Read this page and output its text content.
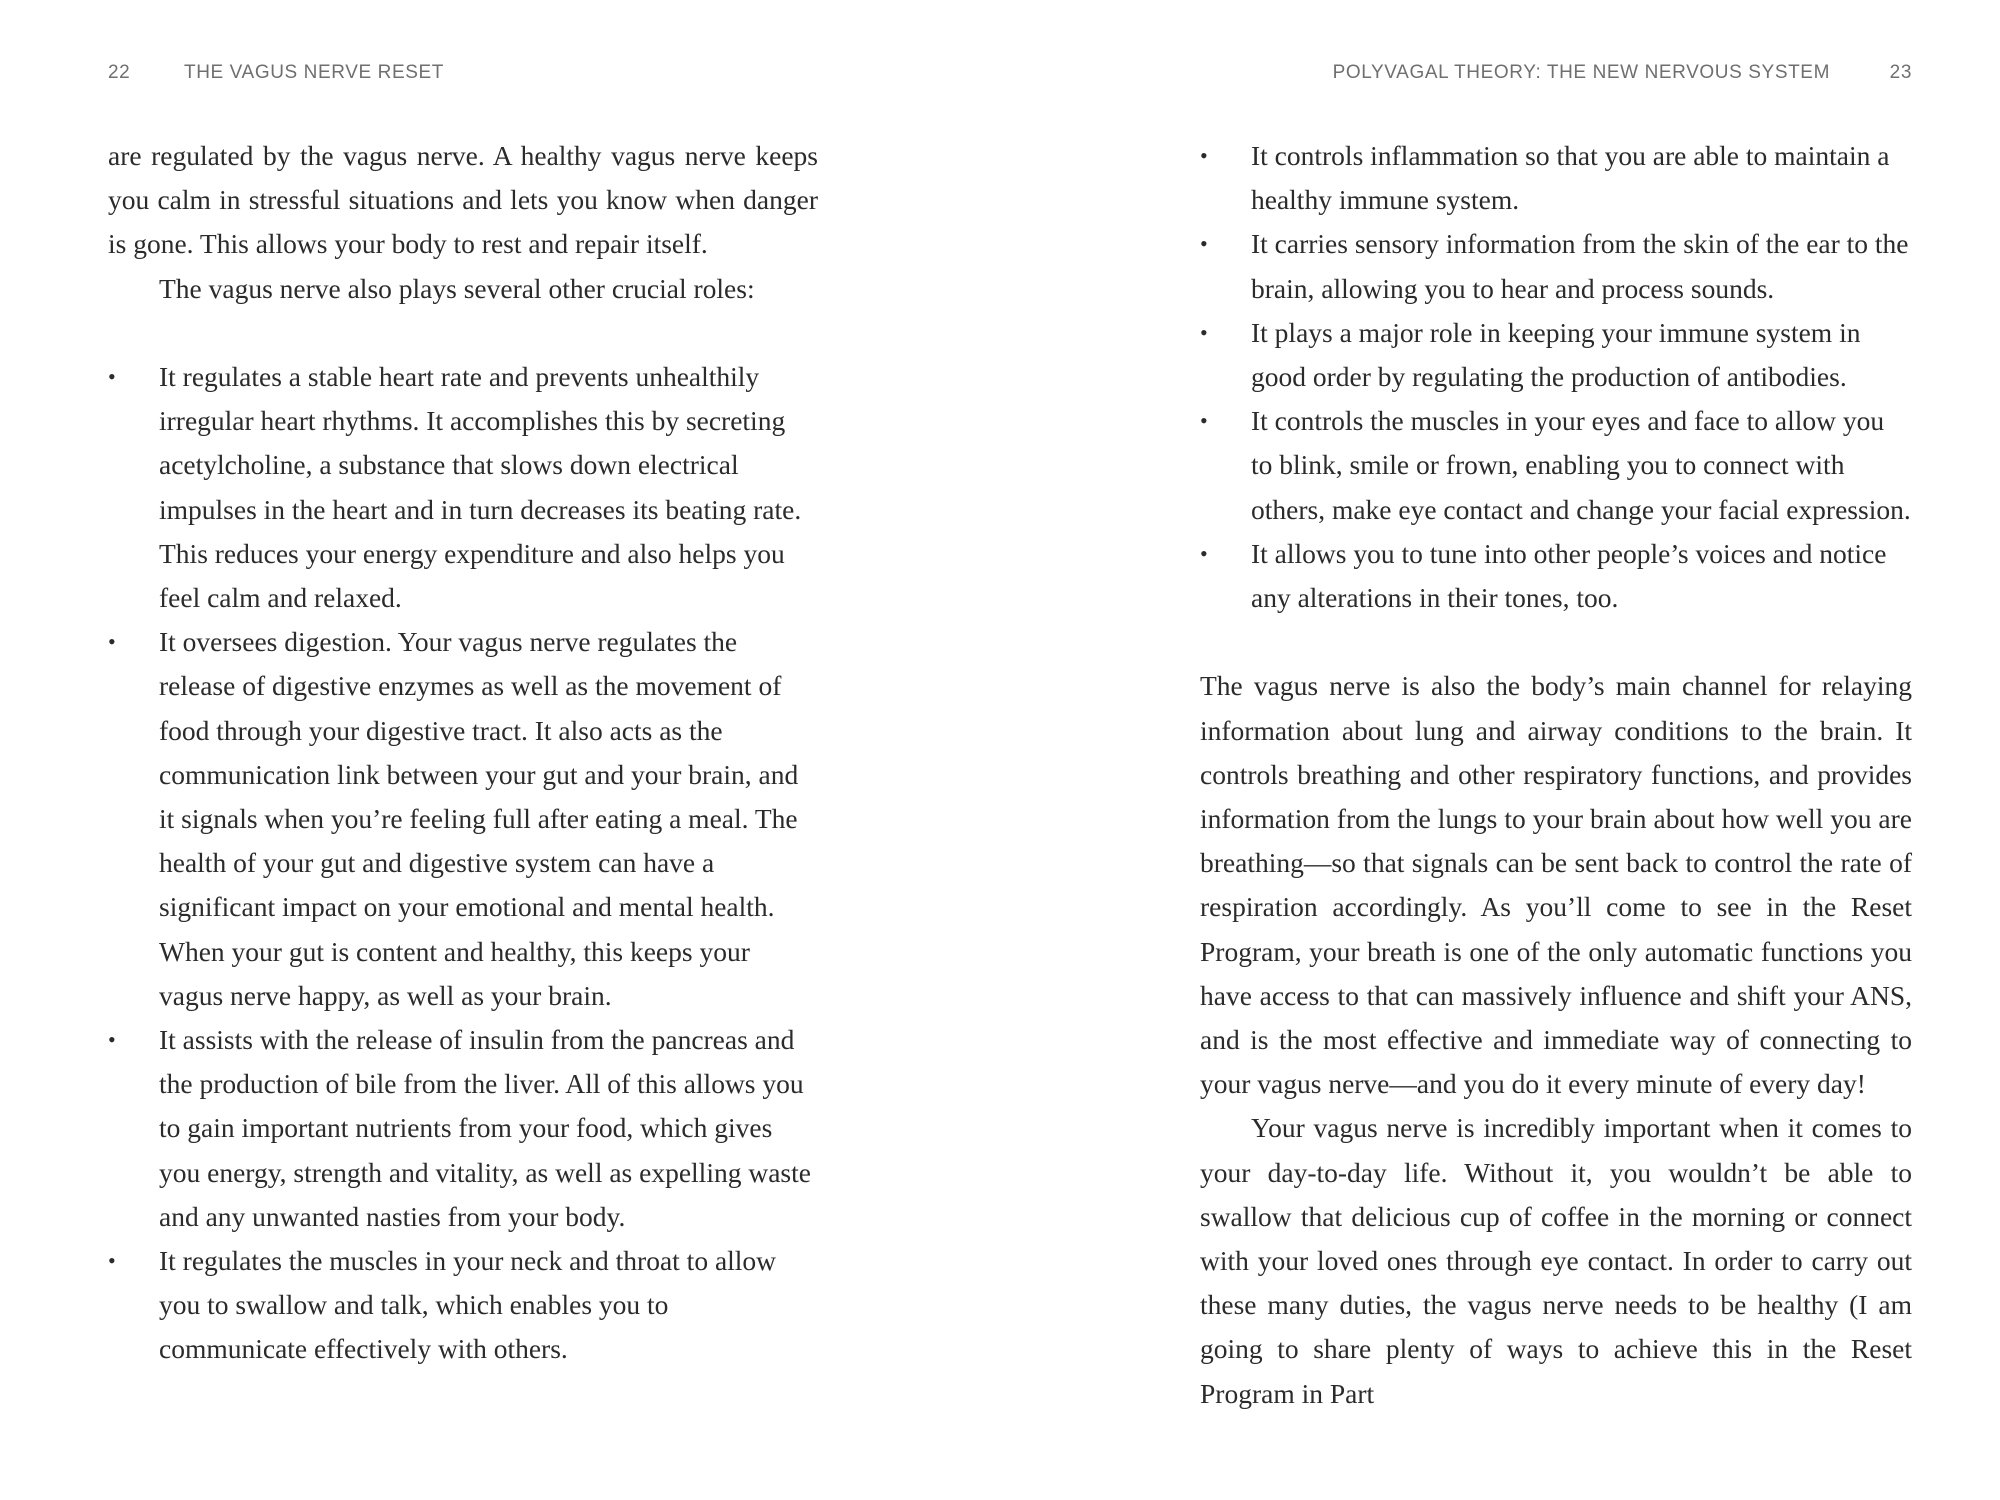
22	THE VAGUS NERVE RESET

are regulated by the vagus nerve. A healthy vagus nerve keeps you calm in stressful situations and lets you know when danger is gone. This allows your body to rest and repair itself.

The vagus nerve also plays several other crucial roles:

•	It regulates a stable heart rate and prevents unhealthily irregular heart rhythms. It accomplishes this by secreting acetylcholine, a substance that slows down electrical impulses in the heart and in turn decreases its beating rate. This reduces your energy expenditure and also helps you feel calm and relaxed.
•	It oversees digestion. Your vagus nerve regulates the release of digestive enzymes as well as the movement of food through your digestive tract. It also acts as the communication link between your gut and your brain, and it signals when you’re feeling full after eating a meal. The health of your gut and digestive system can have a significant impact on your emotional and mental health. When your gut is content and healthy, this keeps your vagus nerve happy, as well as your brain.
•	It assists with the release of insulin from the pancreas and the production of bile from the liver. All of this allows you to gain important nutrients from your food, which gives you energy, strength and vitality, as well as expelling waste and any unwanted nasties from your body.
•	It regulates the muscles in your neck and throat to allow you to swallow and talk, which enables you to communicate effectively with others.
POLYVAGAL THEORY: THE NEW NERVOUS SYSTEM	23
•	It controls inflammation so that you are able to maintain a healthy immune system.
•	It carries sensory information from the skin of the ear to the brain, allowing you to hear and process sounds.
•	It plays a major role in keeping your immune system in good order by regulating the production of antibodies.
•	It controls the muscles in your eyes and face to allow you to blink, smile or frown, enabling you to connect with others, make eye contact and change your facial expression.
•	It allows you to tune into other people’s voices and notice any alterations in their tones, too.

The vagus nerve is also the body’s main channel for relaying information about lung and airway conditions to the brain. It controls breathing and other respiratory functions, and provides information from the lungs to your brain about how well you are breathing—so that signals can be sent back to control the rate of respiration accordingly. As you’ll come to see in the Reset Program, your breath is one of the only automatic functions you have access to that can massively influence and shift your ANS, and is the most effective and immediate way of connecting to your vagus nerve—and you do it every minute of every day!

Your vagus nerve is incredibly important when it comes to your day-to-day life. Without it, you wouldn’t be able to swallow that delicious cup of coffee in the morning or connect with your loved ones through eye contact. In order to carry out these many duties, the vagus nerve needs to be healthy (I am going to share plenty of ways to achieve this in the Reset Program in Part
